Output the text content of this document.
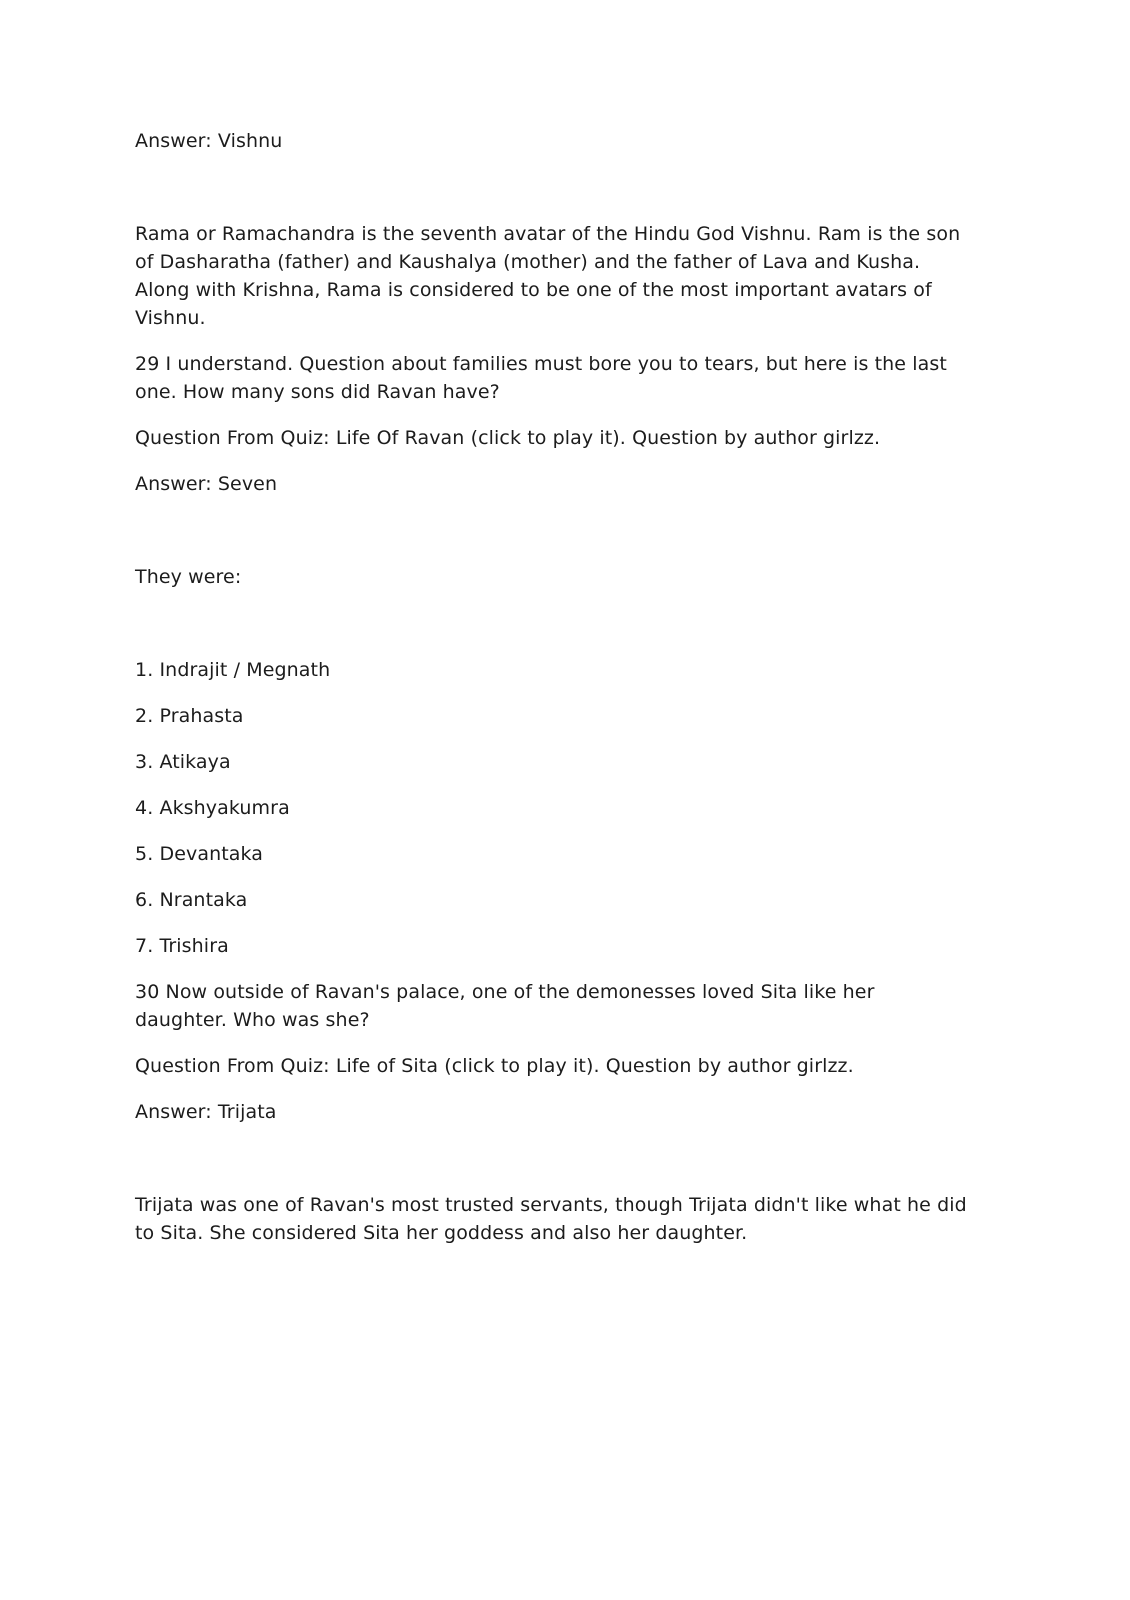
Answer: Vishnu

Rama or Ramachandra is the seventh avatar of the Hindu God Vishnu. Ram is the son of Dasharatha (father) and Kaushalya (mother) and the father of Lava and Kusha. Along with Krishna, Rama is considered to be one of the most important avatars of Vishnu.

29 I understand. Question about families must bore you to tears, but here is the last one. How many sons did Ravan have?

Question From Quiz: Life Of Ravan (click to play it). Question by author girlzz.

Answer: Seven

They were:

1. Indrajit / Megnath

2. Prahasta

3. Atikaya

4. Akshyakumra

5. Devantaka

6. Nrantaka

7. Trishira

30 Now outside of Ravan's palace, one of the demonesses loved Sita like her daughter. Who was she?

Question From Quiz: Life of Sita (click to play it). Question by author girlzz.

Answer: Trijata

Trijata was one of Ravan's most trusted servants, though Trijata didn't like what he did to Sita. She considered Sita her goddess and also her daughter.
